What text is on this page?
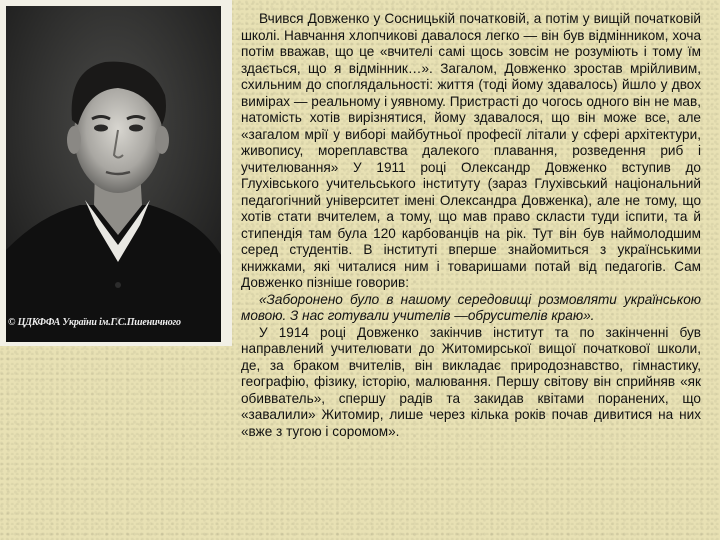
© ЦДКФФА України ім.Г.С.Пшеничного

Вчився Довженко у Сосницькій початковій, а потім у вищій початковій школі. Навчання хлопчикові давалося легко — він був відмінником, хоча потім вважав, що це «вчителі самі щось зовсім не розуміють і тому їм здається, що я відмінник…». Загалом, Довженко зростав мрійливим, схильним до споглядальності: життя (тоді йому здавалось) йшло у двох вимірах — реальному і уявному. Пристрасті до чогось одного він не мав, натомість хотів вирізнятися, йому здавалося, що він може все, але «загалом мрії у виборі майбутньої професії літали у сфері архітектури, живопису, мореплавства далекого плавання, розведення риб і учителювання» У 1911 році Олександр Довженко вступив до Глухівського учительського інституту (зараз Глухівський національний педагогічний університет імені Олександра Довженка), але не тому, що хотів стати вчителем, а тому, що мав право скласти туди іспити, та й стипендія там була 120 карбованців на рік. Тут він був наймолодшим серед студентів. В інституті вперше знайомиться з українськими книжками, які читалися ним і товаришами потай від педагогів. Сам Довженко пізніше говорив:

«Заборонено було в нашому середовищі розмовляти українською мовою. З нас готували учителів —обрусителів краю».

У 1914 році Довженко закінчив інститут та по закінченні був направлений учителювати до Житомирської вищої початкової школи, де, за браком вчителів, він викладає природознавство, гімнастику, географію, фізику, історію, малювання. Першу світову він сприйняв «як обивватель», спершу радів та закидав квітами поранених, що «завалили» Житомир, лише через кілька років почав дивитися на них «вже з тугою і соромом».
